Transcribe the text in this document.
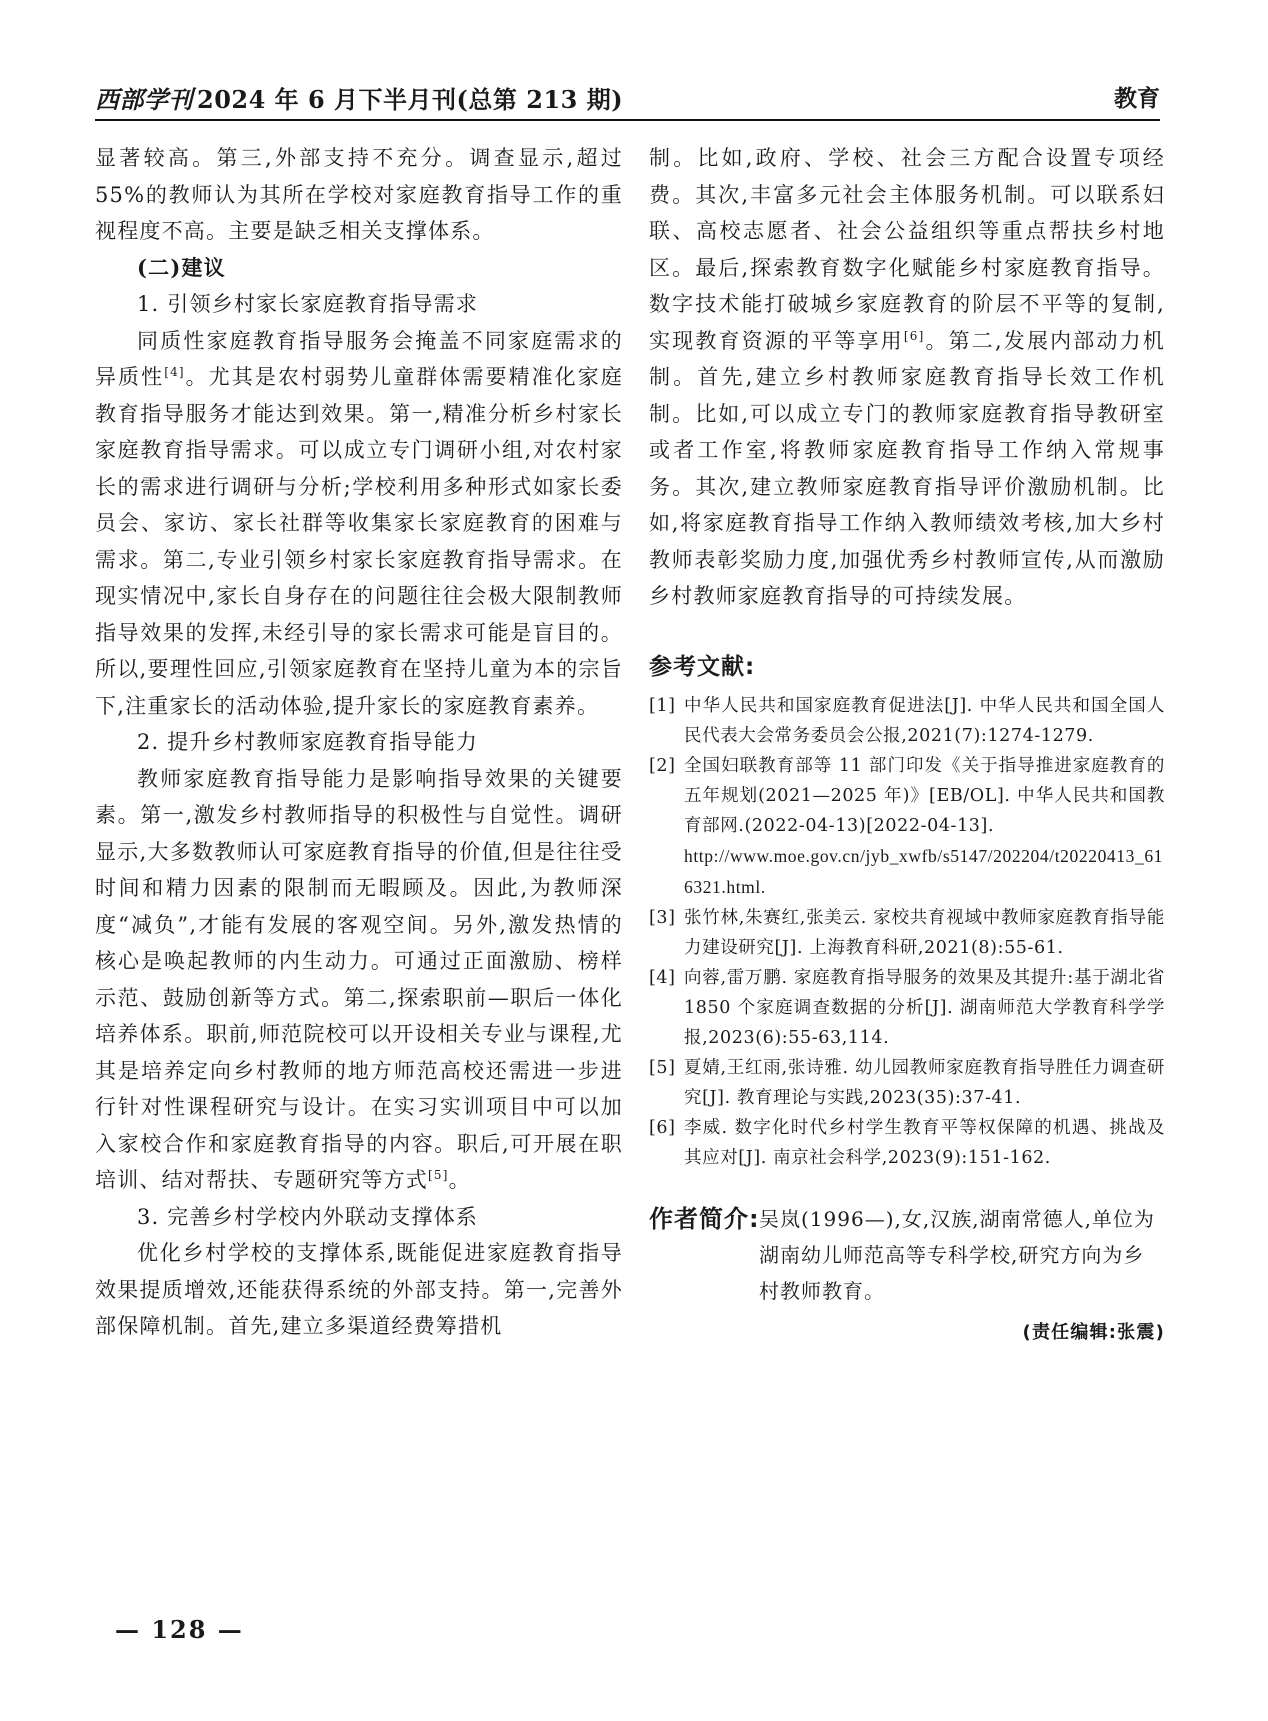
西部学刊 2024 年 6 月下半月刊(总第 213 期)	教育

显著较高。第三,外部支持不充分。调查显示,超过 55%的教师认为其所在学校对家庭教育指导工作的重视程度不高。主要是缺乏相关支撑体系。

(二)建议

1. 引领乡村家长家庭教育指导需求

同质性家庭教育指导服务会掩盖不同家庭需求的异质性[4]。尤其是农村弱势儿童群体需要精准化家庭教育指导服务才能达到效果。第一,精准分析乡村家长家庭教育指导需求。可以成立专门调研小组,对农村家长的需求进行调研与分析;学校利用多种形式如家长委员会、家访、家长社群等收集家长家庭教育的困难与需求。第二,专业引领乡村家长家庭教育指导需求。在现实情况中,家长自身存在的问题往往会极大限制教师指导效果的发挥,未经引导的家长需求可能是盲目的。所以,要理性回应,引领家庭教育在坚持儿童为本的宗旨下,注重家长的活动体验,提升家长的家庭教育素养。

2. 提升乡村教师家庭教育指导能力

教师家庭教育指导能力是影响指导效果的关键要素。第一,激发乡村教师指导的积极性与自觉性。调研显示,大多数教师认可家庭教育指导的价值,但是往往受时间和精力因素的限制而无暇顾及。因此,为教师深度“减负”,才能有发展的客观空间。另外,激发热情的核心是唤起教师的内生动力。可通过正面激励、榜样示范、鼓励创新等方式。第二,探索职前—职后一体化培养体系。职前,师范院校可以开设相关专业与课程,尤其是培养定向乡村教师的地方师范高校还需进一步进行针对性课程研究与设计。在实习实训项目中可以加入家校合作和家庭教育指导的内容。职后,可开展在职培训、结对帮扶、专题研究等方式[5]。

3. 完善乡村学校内外联动支撑体系

优化乡村学校的支撑体系,既能促进家庭教育指导效果提质增效,还能获得系统的外部支持。第一,完善外部保障机制。首先,建立多渠道经费筹措机

制。比如,政府、学校、社会三方配合设置专项经费。其次,丰富多元社会主体服务机制。可以联系妇联、高校志愿者、社会公益组织等重点帮扶乡村地区。最后,探索教育数字化赋能乡村家庭教育指导。数字技术能打破城乡家庭教育的阶层不平等的复制,实现教育资源的平等享用[6]。第二,发展内部动力机制。首先,建立乡村教师家庭教育指导长效工作机制。比如,可以成立专门的教师家庭教育指导教研室或者工作室,将教师家庭教育指导工作纳入常规事务。其次,建立教师家庭教育指导评价激励机制。比如,将家庭教育指导工作纳入教师绩效考核,加大乡村教师表彰奖励力度,加强优秀乡村教师宣传,从而激励乡村教师家庭教育指导的可持续发展。

参考文献:
[1] 中华人民共和国家庭教育促进法[J]. 中华人民共和国全国人民代表大会常务委员会公报,2021(7):1274-1279.
[2] 全国妇联教育部等 11 部门印发《关于指导推进家庭教育的五年规划(2021—2025 年)》[EB/OL]. 中华人民共和国教育部网.(2022-04-13)[2022-04-13].
http://www.moe.gov.cn/jyb_xwfb/s5147/202204/t20220413_616321.html.
[3] 张竹林,朱赛红,张美云. 家校共育视域中教师家庭教育指导能力建设研究[J]. 上海教育科研,2021(8):55-61.
[4] 向蓉,雷万鹏. 家庭教育指导服务的效果及其提升:基于湖北省 1850 个家庭调查数据的分析[J]. 湖南师范大学教育科学学报,2023(6):55-63,114.
[5] 夏婧,王红雨,张诗雅. 幼儿园教师家庭教育指导胜任力调查研究[J]. 教育理论与实践,2023(35):37-41.
[6] 李威. 数字化时代乡村学生教育平等权保障的机遇、挑战及其应对[J]. 南京社会科学,2023(9):151-162.
作者简介: 吴岚(1996—),女,汉族,湖南常德人,单位为湖南幼儿师范高等专科学校,研究方向为乡村教师教育。
(责任编辑:张震)
— 128 —
